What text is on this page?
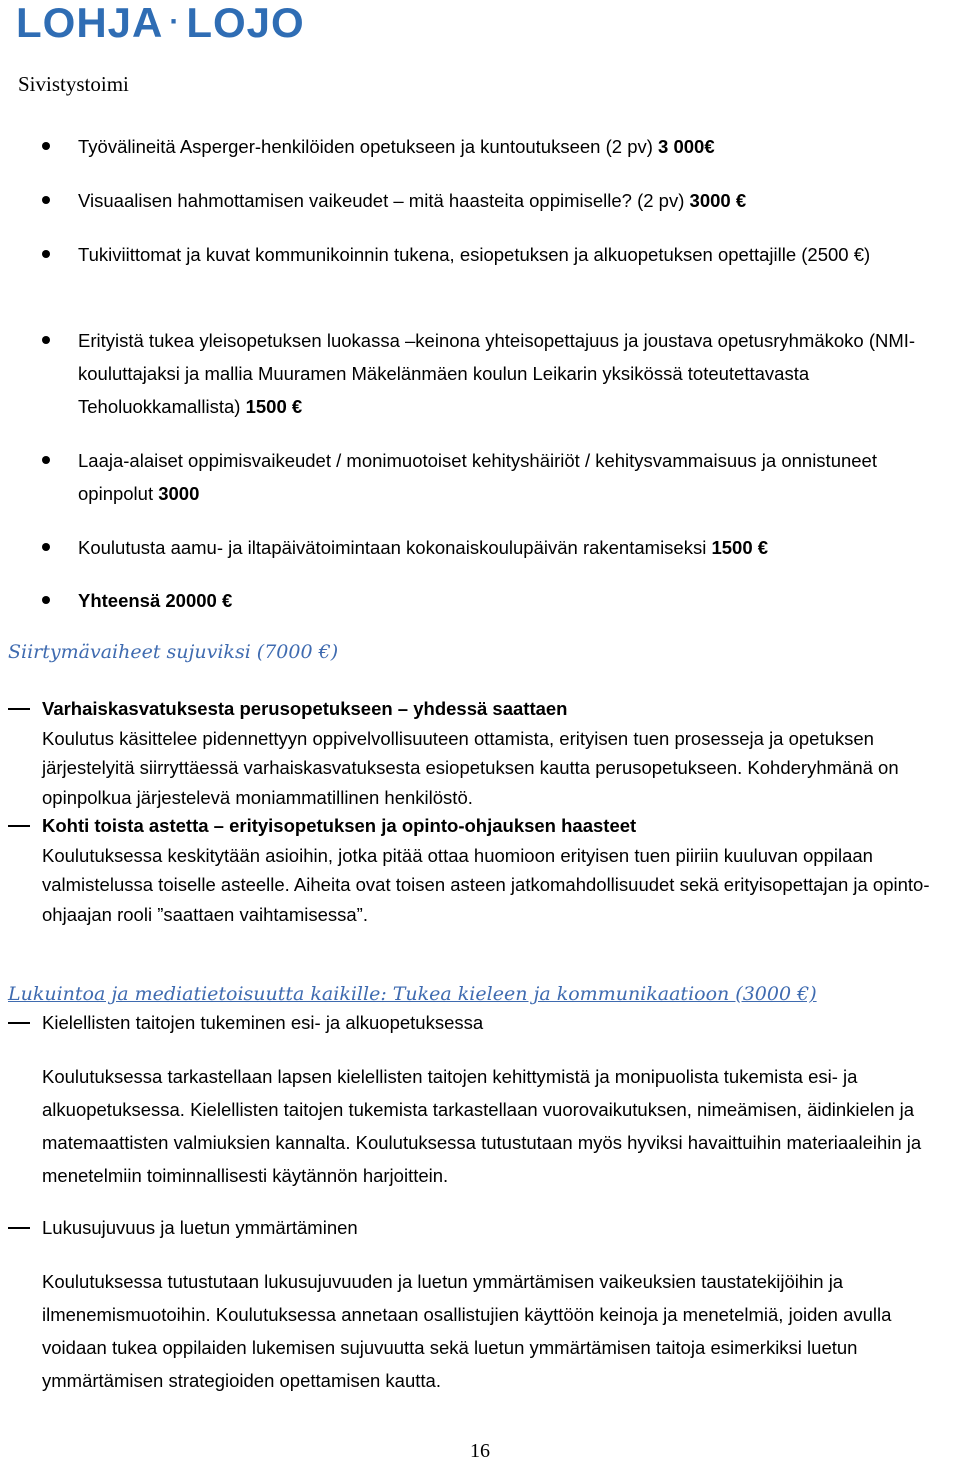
LOHJA · LOJO
Sivistystoimi
Työvälineitä Asperger-henkilöiden opetukseen ja kuntoutukseen (2 pv) 3 000€
Visuaalisen hahmottamisen vaikeudet – mitä haasteita oppimiselle? (2 pv) 3000 €
Tukiviittomat ja kuvat kommunikoinnin tukena, esiopetuksen ja alkuopetuksen opettajille (2500 €)
Erityistä tukea yleisopetuksen luokassa –keinona yhteisopettajuus ja joustava opetusryhmäkoko (NMI-kouluttajaksi ja mallia Muuramen Mäkelänmäen koulun Leikarin yksikössä toteutettavasta Teholuokkamallista) 1500 €
Laaja-alaiset oppimisvaikeudet / monimuotoiset kehityshäiriöt / kehitysvammaisuus ja onnistuneet opinpolut 3000
Koulutusta aamu- ja iltapäivätoimintaan kokonaiskoulupäivän rakentamiseksi 1500 €
Yhteensä 20000 €
Siirtymävaiheet sujuviksi (7000 €)
Varhaiskasvatuksesta perusopetukseen – yhdessä saattaen
Koulutus käsittelee pidennettyyn oppivelvollisuuteen ottamista, erityisen tuen prosesseja ja opetuksen järjestelyitä siirryttäessä varhaiskasvatuksesta esiopetuksen kautta perusopetukseen. Kohderyhmänä on opinpolkua järjestelevä moniammatillinen henkilöstö.
Kohti toista astetta – erityisopetuksen ja opinto-ohjauksen haasteet
Koulutuksessa keskitytään asioihin, jotka pitää ottaa huomioon erityisen tuen piiriin kuuluvan oppilaan valmistelussa toiselle asteelle. Aiheita ovat toisen asteen jatkomahdollisuudet sekä erityisopettajan ja opinto-ohjaajan rooli ”saattaen vaihtamisessa”.
Lukuintoa ja mediatietoisuutta kaikille: Tukea kieleen ja kommunikaatioon (3000 €)
Kielellisten taitojen tukeminen esi- ja alkuopetuksessa
Koulutuksessa tarkastellaan lapsen kielellisten taitojen kehittymistä ja monipuolista tukemista esi- ja alkuopetuksessa. Kielellisten taitojen tukemista tarkastellaan vuorovaikutuksen, nimeämisen, äidinkielen ja matemaattisten valmiuksien kannalta. Koulutuksessa tutustutaan myös hyviksi havaittuihin materiaaleihin ja menetelmiin toiminnallisesti käytännön harjoittein.
Lukusujuvuus ja luetun ymmärtäminen
Koulutuksessa tutustutaan lukusujuvuuden ja luetun ymmärtämisen vaikeuksien taustatekijöihin ja ilmenemismuotoihin. Koulutuksessa annetaan osallistujien käyttöön keinoja ja menetelmiä, joiden avulla voidaan tukea oppilaiden lukemisen sujuvuutta sekä luetun ymmärtämisen taitoja esimerkiksi luetun ymmärtämisen strategioiden opettamisen kautta.
16
